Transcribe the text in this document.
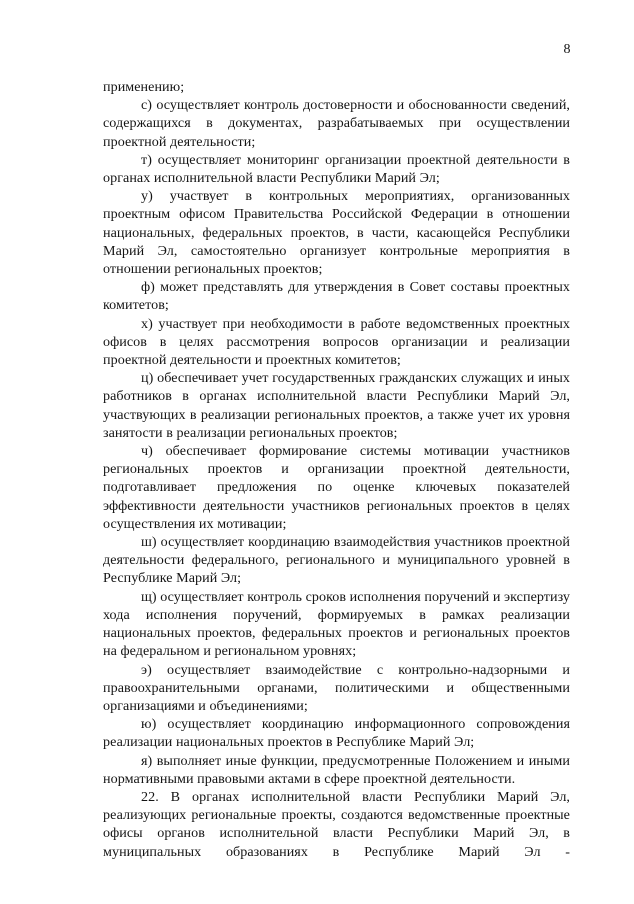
8

применению;

с) осуществляет контроль достоверности и обоснованности сведений, содержащихся в документах, разрабатываемых при осуществлении проектной деятельности;

т) осуществляет мониторинг организации проектной деятельности в органах исполнительной власти Республики Марий Эл;

у) участвует в контрольных мероприятиях, организованных проектным офисом Правительства Российской Федерации в отношении национальных, федеральных проектов, в части, касающейся Республики Марий Эл, самостоятельно организует контрольные мероприятия в отношении региональных проектов;

ф) может представлять для утверждения в Совет составы проектных комитетов;

х) участвует при необходимости в работе ведомственных проектных офисов в целях рассмотрения вопросов организации и реализации проектной деятельности и проектных комитетов;

ц) обеспечивает учет государственных гражданских служащих и иных работников в органах исполнительной власти Республики Марий Эл, участвующих в реализации региональных проектов, а также учет их уровня занятости в реализации региональных проектов;

ч) обеспечивает формирование системы мотивации участников региональных проектов и организации проектной деятельности, подготавливает предложения по оценке ключевых показателей эффективности деятельности участников региональных проектов в целях осуществления их мотивации;

ш) осуществляет координацию взаимодействия участников проектной деятельности федерального, регионального и муниципального уровней в Республике Марий Эл;

щ) осуществляет контроль сроков исполнения поручений и экспертизу хода исполнения поручений, формируемых в рамках реализации национальных проектов, федеральных проектов и региональных проектов на федеральном и региональном уровнях;

э) осуществляет взаимодействие с контрольно-надзорными и правоохранительными органами, политическими и общественными организациями и объединениями;

ю) осуществляет координацию информационного сопровождения реализации национальных проектов в Республике Марий Эл;

я) выполняет иные функции, предусмотренные Положением и иными нормативными правовыми актами в сфере проектной деятельности.

22. В органах исполнительной власти Республики Марий Эл, реализующих региональные проекты, создаются ведомственные проектные офисы органов исполнительной власти Республики Марий Эл, в муниципальных образованиях в Республике Марий Эл -
